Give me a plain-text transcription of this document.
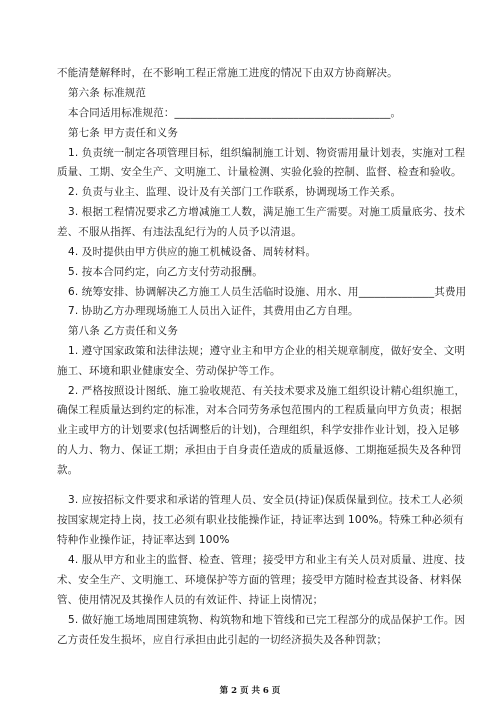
不能清楚解释时，在不影响工程正常施工进度的情况下由双方协商解决。
第六条 标准规范
本合同适用标准规范：________________________________________。
第七条 甲方责任和义务
1. 负责统一制定各项管理目标，组织编制施工计划、物资需用量计划表，实施对工程
质量、工期、安全生产、文明施工、计量检测、实验化验的控制、监督、检查和验收。
2. 负责与业主、监理、设计及有关部门工作联系，协调现场工作关系。
3. 根据工程情况要求乙方增减施工人数，满足施工生产需要。对施工质量底劣、技术
差、不服从指挥、有违法乱纪行为的人员予以清退。
4. 及时提供由甲方供应的施工机械设备、周转材料。
5. 按本合同约定，向乙方支付劳动报酬。
6. 统筹安排、协调解决乙方施工人员生活临时设施、用水、用______________其费用
7. 协助乙方办理现场施工人员出入证件，其费用由乙方自理。
第八条 乙方责任和义务
1. 遵守国家政策和法律法规；遵守业主和甲方企业的相关规章制度，做好安全、文明
施工、环境和职业健康安全、劳动保护等工作。
2. 严格按照设计图纸、施工验收规范、有关技术要求及施工组织设计精心组织施工，
确保工程质量达到约定的标准，对本合同劳务承包范围内的工程质量向甲方负责；根据
业主或甲方的计划要求(包括调整后的计划)，合理组织，科学安排作业计划，投入足够
的人力、物力、保证工期；承担由于自身责任造成的质量返修、工期拖延损失及各种罚
款。
3. 应按招标文件要求和承诺的管理人员、安全员(持证)保质保量到位。技术工人必须
按国家规定持上岗，技工必须有职业技能操作证，持证率达到 100%。特殊工种必须有
特种作业操作证，持证率达到 100%
4. 服从甲方和业主的监督、检查、管理；接受甲方和业主有关人员对质量、进度、技
术、安全生产、文明施工、环境保护等方面的管理；接受甲方随时检查其设备、材料保
管、使用情况及其操作人员的有效证件、持证上岗情况；
5. 做好施工场地周围建筑物、构筑物和地下管线和已完工程部分的成品保护工作。因
乙方责任发生损坏，应自行承担由此引起的一切经济损失及各种罚款；
第 2 页 共 6 页
